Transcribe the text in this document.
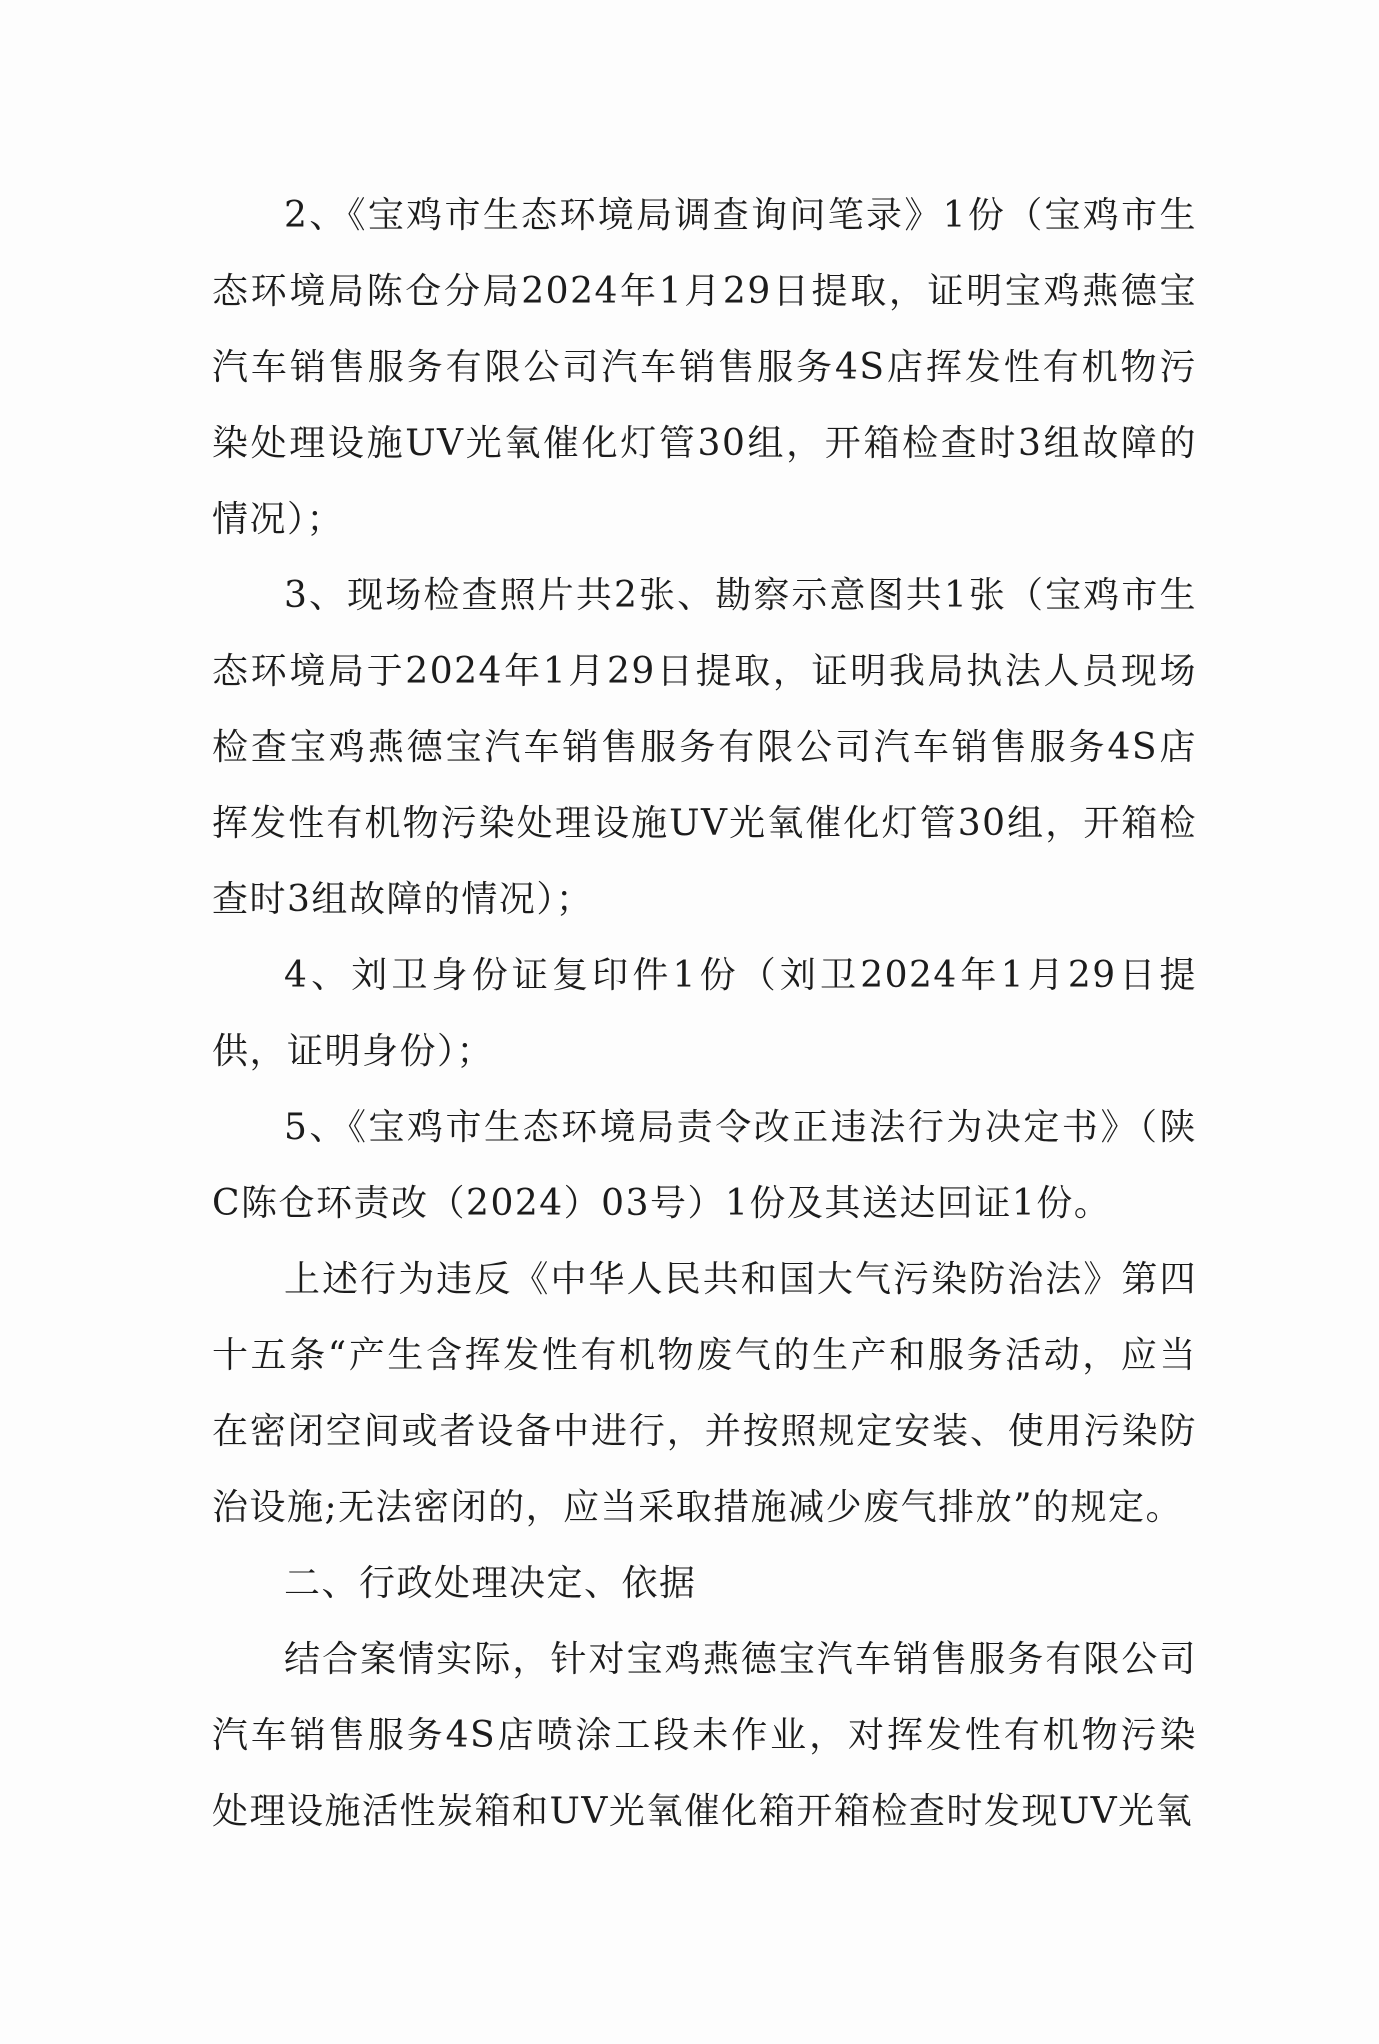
2、《宝鸡市生态环境局调查询问笔录》1份（宝鸡市生态环境局陈仓分局2024年1月29日提取，证明宝鸡燕德宝汽车销售服务有限公司汽车销售服务4S店挥发性有机物污染处理设施UV光氧催化灯管30组，开箱检查时3组故障的情况）；

3、现场检查照片共2张、勘察示意图共1张（宝鸡市生态环境局于2024年1月29日提取，证明我局执法人员现场检查宝鸡燕德宝汽车销售服务有限公司汽车销售服务4S店挥发性有机物污染处理设施UV光氧催化灯管30组，开箱检查时3组故障的情况）；

4、刘卫身份证复印件1份（刘卫2024年1月29日提供，证明身份）；

5、《宝鸡市生态环境局责令改正违法行为决定书》（陕C陈仓环责改（2024）03号）1份及其送达回证1份。

上述行为违反《中华人民共和国大气污染防治法》第四十五条“产生含挥发性有机物废气的生产和服务活动，应当在密闭空间或者设备中进行，并按照规定安装、使用污染防治设施;无法密闭的，应当采取措施减少废气排放”的规定。

二、行政处理决定、依据

结合案情实际，针对宝鸡燕德宝汽车销售服务有限公司汽车销售服务4S店喷涂工段未作业，对挥发性有机物污染处理设施活性炭箱和UV光氧催化箱开箱检查时发现UV光氧
